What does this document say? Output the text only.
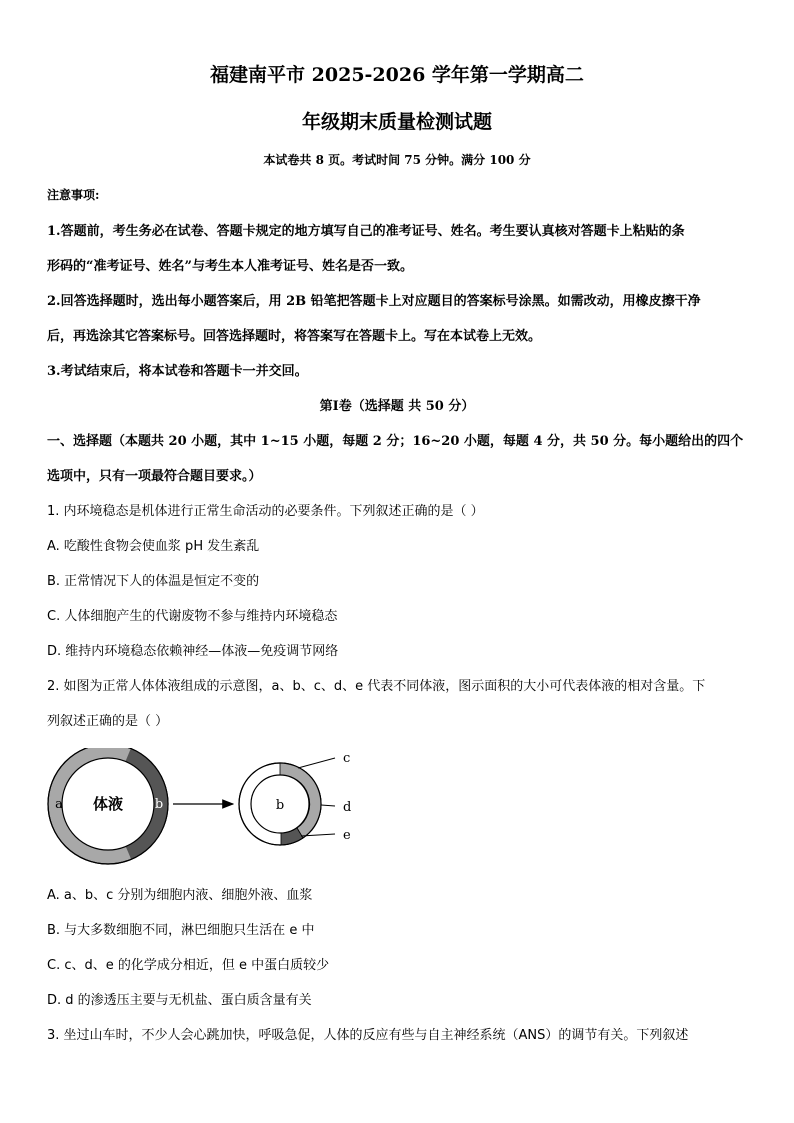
福建南平市 2025-2026 学年第一学期高二
年级期末质量检测试题
本试卷共 8 页。考试时间 75 分钟。满分 100 分
注意事项:
1.答题前，考生务必在试卷、答题卡规定的地方填写自己的准考证号、姓名。考生要认真核对答题卡上粘贴的条
形码的“准考证号、姓名”与考生本人准考证号、姓名是否一致。
2.回答选择题时，选出每小题答案后，用 2B 铅笔把答题卡上对应题目的答案标号涂黑。如需改动，用橡皮擦干净
后，再选涂其它答案标号。回答选择题时，将答案写在答题卡上。写在本试卷上无效。
3.考试结束后，将本试卷和答题卡一并交回。
第Ⅰ卷（选择题 共 50 分）
一、选择题（本题共 20 小题，其中 1~15 小题，每题 2 分；16~20 小题，每题 4 分，共 50 分。每小题给出的四个
选项中，只有一项最符合题目要求。）
1. 内环境稳态是机体进行正常生命活动的必要条件。下列叙述正确的是（ ）
A. 吃酸性食物会使血浆 pH 发生紊乱
B. 正常情况下人的体温是恒定不变的
C. 人体细胞产生的代谢废物不参与维持内环境稳态
D. 维持内环境稳态依赖神经—体液—免疫调节网络
2. 如图为正常人体体液组成的示意图，a、b、c、d、e 代表不同体液，图示面积的大小可代表体液的相对含量。下
列叙述正确的是（ ）
体液
a	b	b
c
d
e
A. a、b、c 分别为细胞内液、细胞外液、血浆
B. 与大多数细胞不同，淋巴细胞只生活在 e 中
C. c、d、e 的化学成分相近，但 e 中蛋白质较少
D. d 的渗透压主要与无机盐、蛋白质含量有关
3. 坐过山车时，不少人会心跳加快，呼吸急促，人体的反应有些与自主神经系统（ANS）的调节有关。下列叙述
